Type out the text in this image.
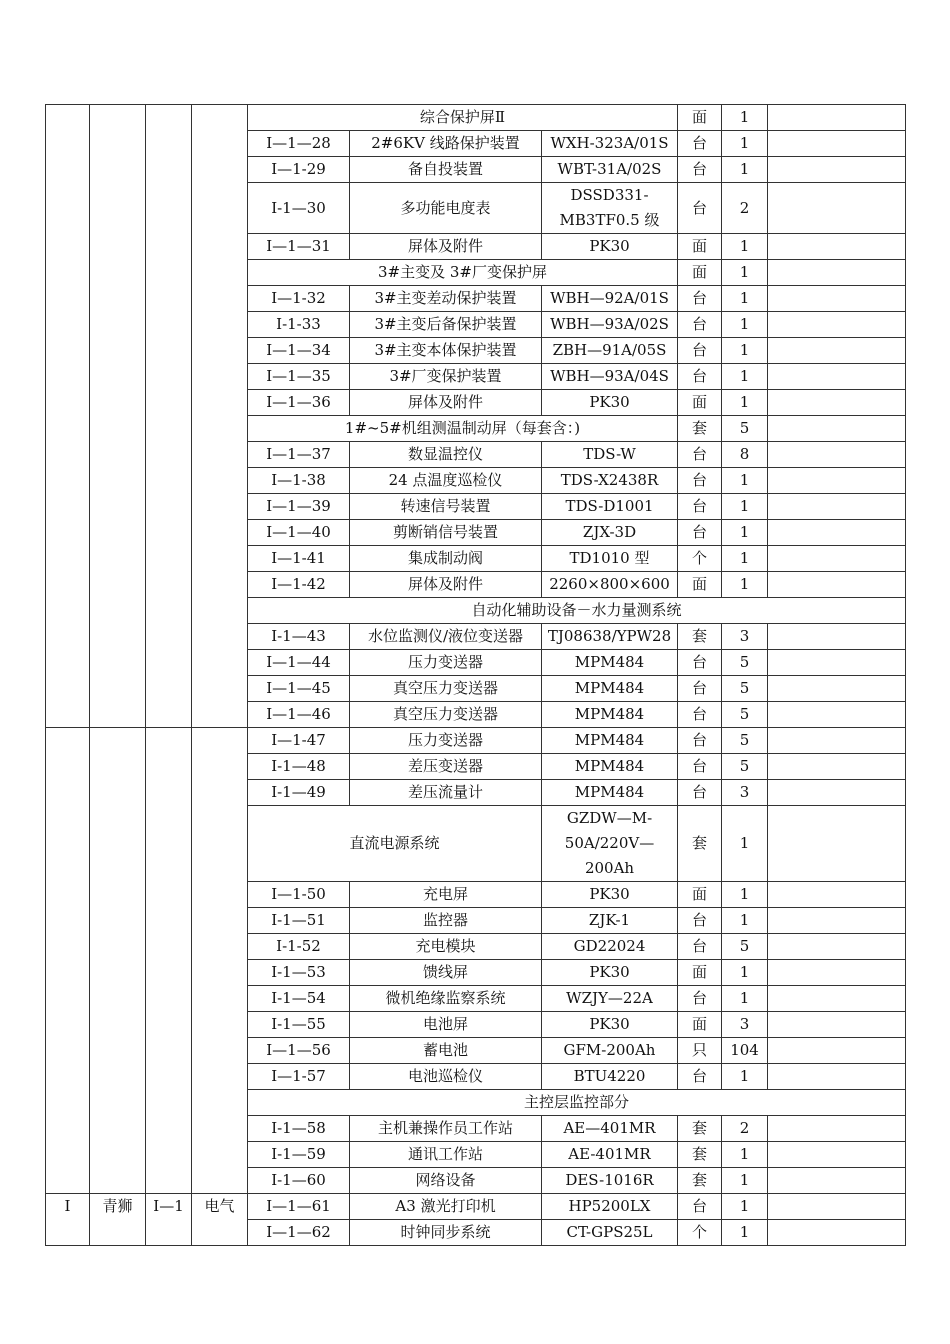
				综合保护屏Ⅱ			面	1	
				I—1—28	2#6KV 线路保护装置	WXH-323A/01S	台	1	
				I—1-29	备自投装置	WBT-31A/02S	台	1	
				I-1—30	多功能电度表	DSSD331-MB3TF0.5 级	台	2	
				I—1—31	屏体及附件	PK30	面	1	
				3#主变及 3#厂变保护屏			面	1	
				I—1-32	3#主变差动保护装置	WBH—92A/01S	台	1	
				I-1-33	3#主变后备保护装置	WBH—93A/02S	台	1	
				I—1—34	3#主变本体保护装置	ZBH—91A/05S	台	1	
				I—1—35	3#厂变保护装置	WBH—93A/04S	台	1	
				I—1—36	屏体及附件	PK30	面	1	
				1#~5#机组测温制动屏（每套含：)			套	5	
				I—1—37	数显温控仪	TDS-W	台	8	
				I—1-38	24 点温度巡检仪	TDS-X2438R	台	1	
				I—1—39	转速信号装置	TDS-D1001	台	1	
				I—1—40	剪断销信号装置	ZJX-3D	台	1	
				I—1-41	集成制动阀	TD1010 型	个	1	
				I—1-42	屏体及附件	2260×800×600	面	1	
				自动化辅助设备－水力量测系统					
				I-1—43	水位监测仪/液位变送器	TJ08638/YPW28	套	3	
				I—1—44	压力变送器	MPM484	台	5	
				I—1—45	真空压力变送器	MPM484	台	5	
				I—1—46	真空压力变送器	MPM484	台	5	
				I—1-47	压力变送器	MPM484	台	5	
				I-1—48	差压变送器	MPM484	台	5	
				I-1—49	差压流量计	MPM484	台	3	
				直流电源系统		GZDW—M-50A/220V—200Ah	套	1	
				I—1-50	充电屏	PK30	面	1	
				I-1—51	监控器	ZJK-1	台	1	
				I-1-52	充电模块	GD22024	台	5	
				I-1—53	馈线屏	PK30	面	1	
				I-1—54	微机绝缘监察系统	WZJY—22A	台	1	
				I-1—55	电池屏	PK30	面	3	
				I—1—56	蓄电池	GFM-200Ah	只	104	
				I—1-57	电池巡检仪	BTU4220	台	1	
				主控层监控部分					
				I-1—58	主机兼操作员工作站	AE—401MR	套	2	
				I-1—59	通讯工作站	AE-401MR	套	1	
				I-1—60	网络设备	DES-1016R	套	1	
I	青狮	I—1	电气	I—1—61	A3 激光打印机	HP5200LX	台	1	
				I—1—62	时钟同步系统	CT-GPS25L	个	1	
